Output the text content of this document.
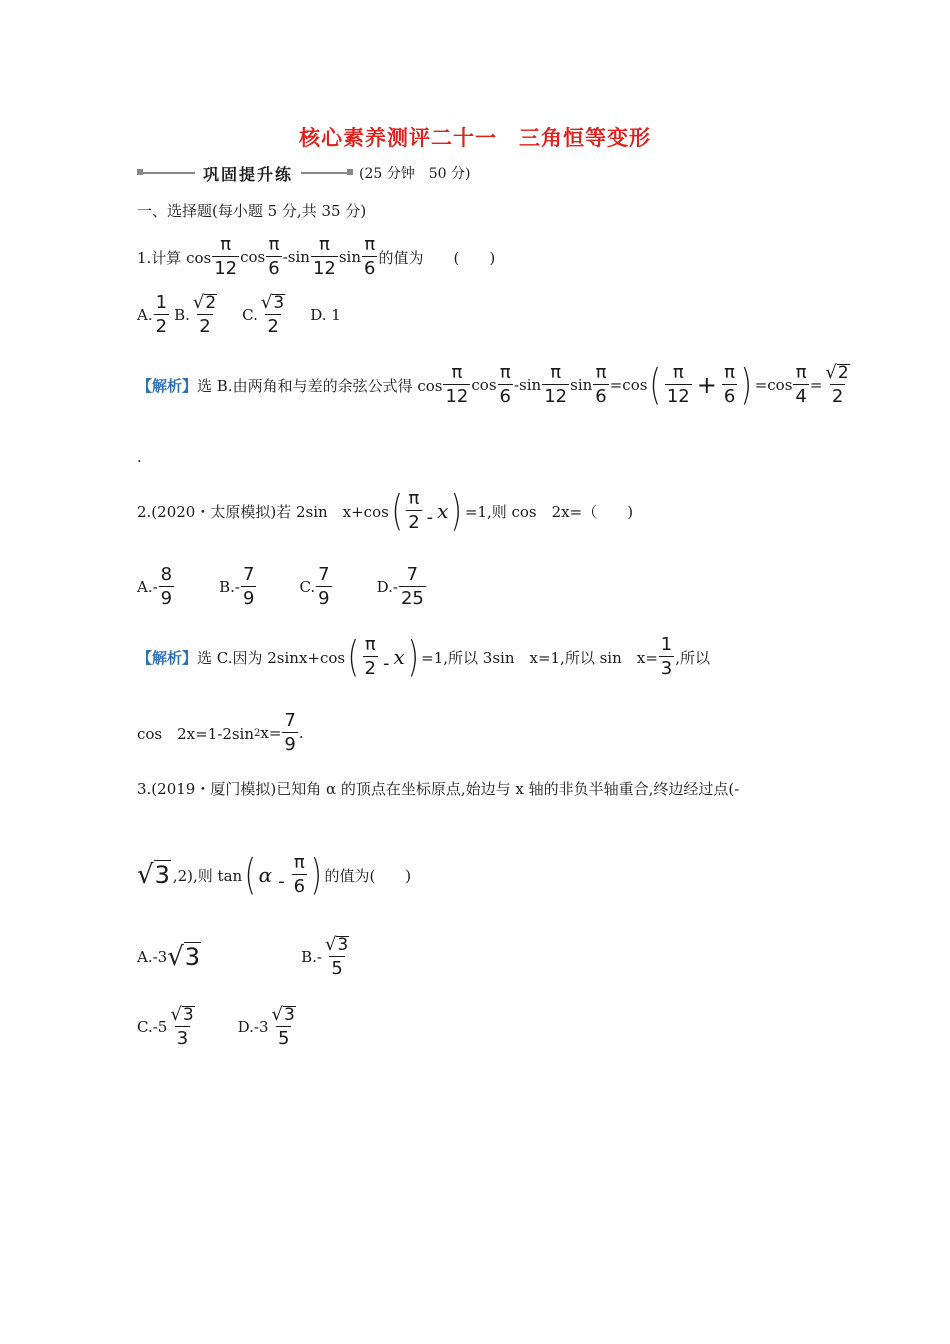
核心素养测评二十一　三角恒等变形
巩固提升练	(25 分钟　50 分)
一、选择题(每小题 5 分,共 35 分)
1.计算 $\cos \frac{\pi}{12}$ $\cos \frac{\pi}{6} -\sin \frac{\pi}{12}$ $\sin \frac{\pi}{6}$ 的值为　　(　　)
A. $\frac{1}{2} B$. $\frac{√ 2}{2} C$. $\frac{√ 3}{2} D$. 1
【解析】 选 B.由两角和与差的余弦公式得 $\cos \frac{\pi}{12}$ $\cos \frac{\pi}{6} -\sin \frac{\pi}{12}$ $\sin \frac{\pi}{6} =\cos$ ( $\frac{\pi}{12} + \frac{\pi}{6}$ ) $=\cos \frac{\pi}{4} = \frac{√ 2}{2}$
.
2.(2020・太原模拟)若 2sin　x+cos ( $\frac{\pi}{2}$ - x ) =1,则 cos　2x=（　　)
$A.- \frac{8}{9}$	$B.- \frac{7}{9}$	C. $\frac{7}{9}$	$D.- \frac{7}{25}$
【解析】 选 C.因为 2sinx+cos ( $\frac{\pi}{2}$ - x ) =1,所以 3sin　x=1,所以 sin　$x= \frac{1}{3}$ ,所以
cos　2x=1-2sin 2 $x= \frac{7}{9}$ .
3.(2019・厦门模拟)已知角 α 的顶点在坐标原点,始边与 x 轴的非负半轴重合,终边经过点(-
√ 3 ,2),则 tan ( α - $\frac{\pi}{6}$ ) 的值为(　　)
A.-3 √ 3	$B.- \frac{√ 3}{5}$
$C.-5 \frac{√ 3}{3}$	$D.-3 \frac{√ 3}{5}$
